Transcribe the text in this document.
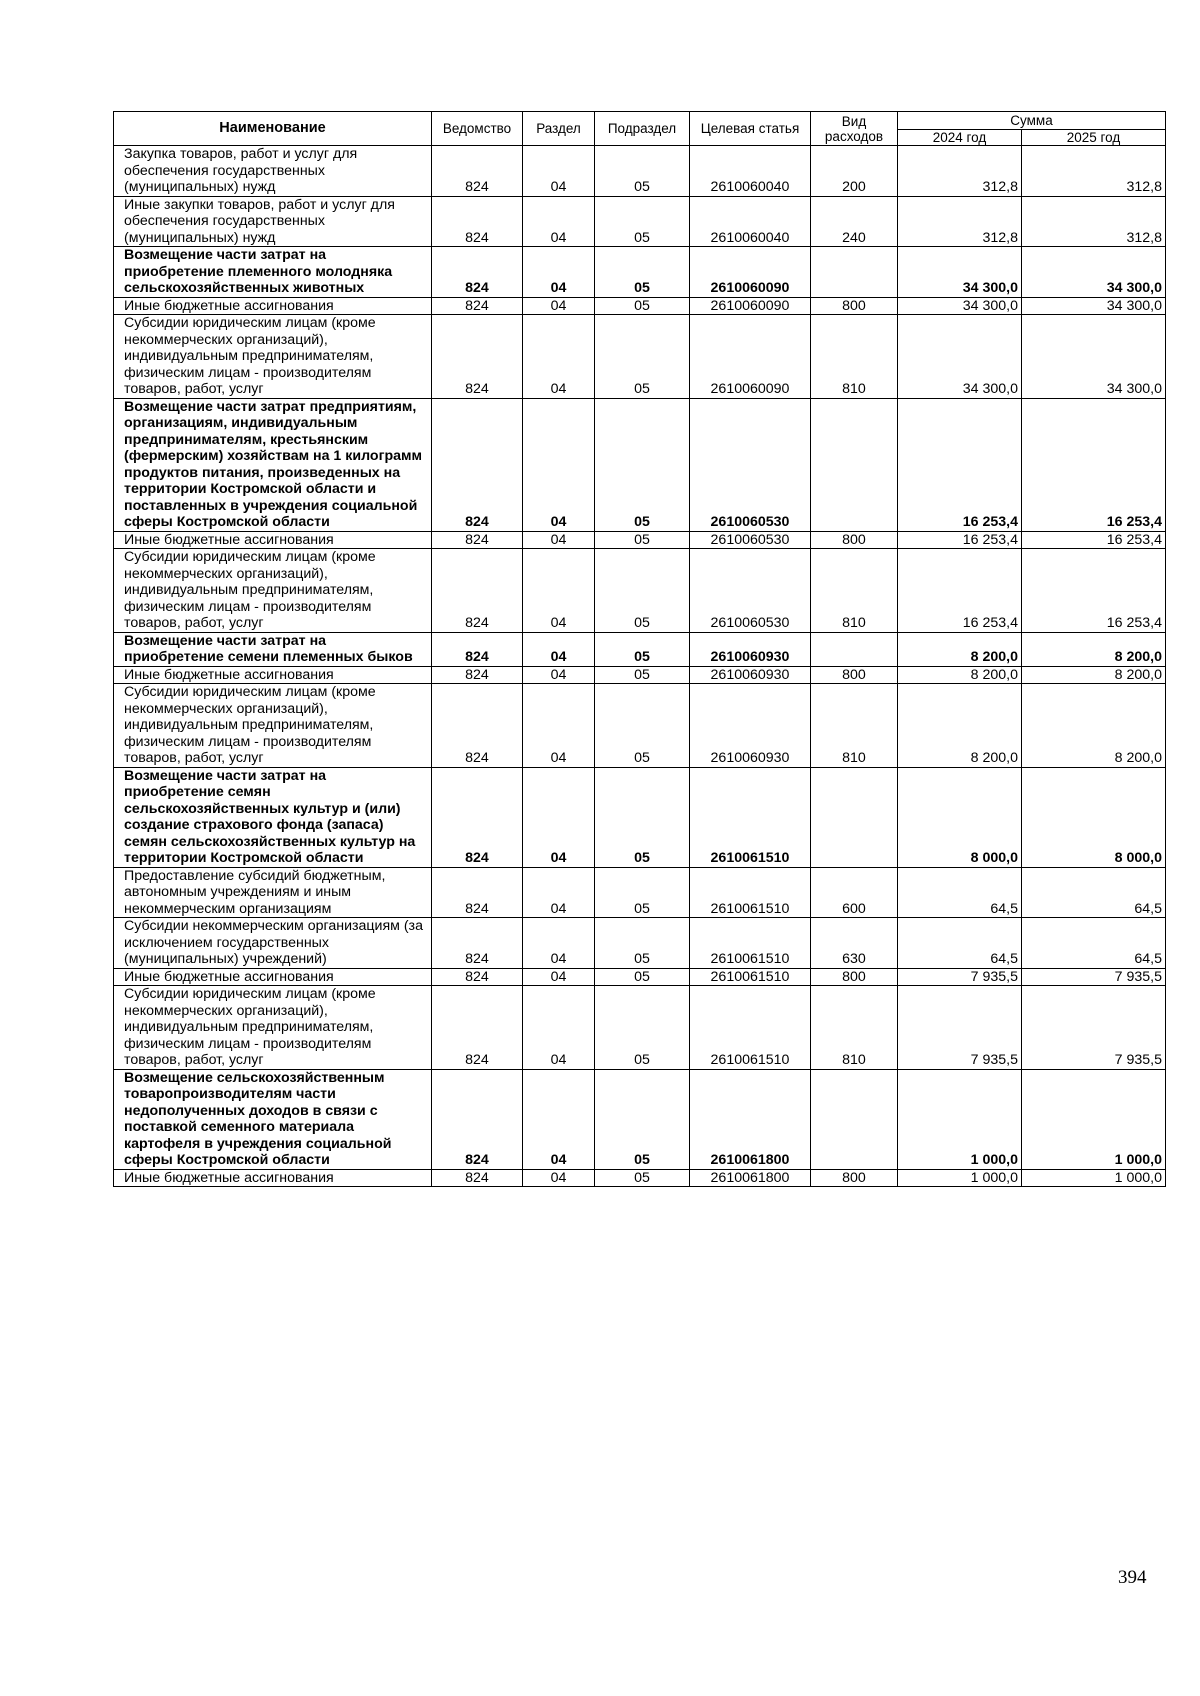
Наименование	Ведомство	Раздел	Подраздел	Целевая статья	Вид расходов	Сумма	
						2024 год	2025 год
Закупка товаров, работ и услуг для обеспечения государственных (муниципальных) нужд	824	04	05	2610060040	200	312,8	312,8
Иные закупки товаров, работ и услуг для обеспечения государственных (муниципальных) нужд	824	04	05	2610060040	240	312,8	312,8
Возмещение части затрат на приобретение племенного молодняка сельскохозяйственных животных	824	04	05	2610060090		34 300,0	34 300,0
Иные бюджетные ассигнования	824	04	05	2610060090	800	34 300,0	34 300,0
Субсидии юридическим лицам (кроме некоммерческих организаций), индивидуальным предпринимателям, физическим лицам - производителям товаров, работ, услуг	824	04	05	2610060090	810	34 300,0	34 300,0
Возмещение части затрат предприятиям, организациям, индивидуальным предпринимателям, крестьянским (фермерским) хозяйствам на 1 килограмм продуктов питания, произведенных на территории Костромской области и поставленных в учреждения социальной сферы Костромской области	824	04	05	2610060530		16 253,4	16 253,4
Иные бюджетные ассигнования	824	04	05	2610060530	800	16 253,4	16 253,4
Субсидии юридическим лицам (кроме некоммерческих организаций), индивидуальным предпринимателям, физическим лицам - производителям товаров, работ, услуг	824	04	05	2610060530	810	16 253,4	16 253,4
Возмещение части затрат на приобретение семени племенных быков	824	04	05	2610060930		8 200,0	8 200,0
Иные бюджетные ассигнования	824	04	05	2610060930	800	8 200,0	8 200,0
Субсидии юридическим лицам (кроме некоммерческих организаций), индивидуальным предпринимателям, физическим лицам - производителям товаров, работ, услуг	824	04	05	2610060930	810	8 200,0	8 200,0
Возмещение части затрат на приобретение семян сельскохозяйственных культур и (или) создание страхового фонда (запаса) семян сельскохозяйственных культур на территории Костромской области	824	04	05	2610061510		8 000,0	8 000,0
Предоставление субсидий бюджетным, автономным учреждениям и иным некоммерческим организациям	824	04	05	2610061510	600	64,5	64,5
Субсидии некоммерческим организациям (за исключением государственных (муниципальных) учреждений)	824	04	05	2610061510	630	64,5	64,5
Иные бюджетные ассигнования	824	04	05	2610061510	800	7 935,5	7 935,5
Субсидии юридическим лицам (кроме некоммерческих организаций), индивидуальным предпринимателям, физическим лицам - производителям товаров, работ, услуг	824	04	05	2610061510	810	7 935,5	7 935,5
Возмещение сельскохозяйственным товаропроизводителям части недополученных доходов в связи с поставкой семенного материала картофеля в учреждения социальной сферы Костромской области	824	04	05	2610061800		1 000,0	1 000,0
Иные бюджетные ассигнования	824	04	05	2610061800	800	1 000,0	1 000,0
394
